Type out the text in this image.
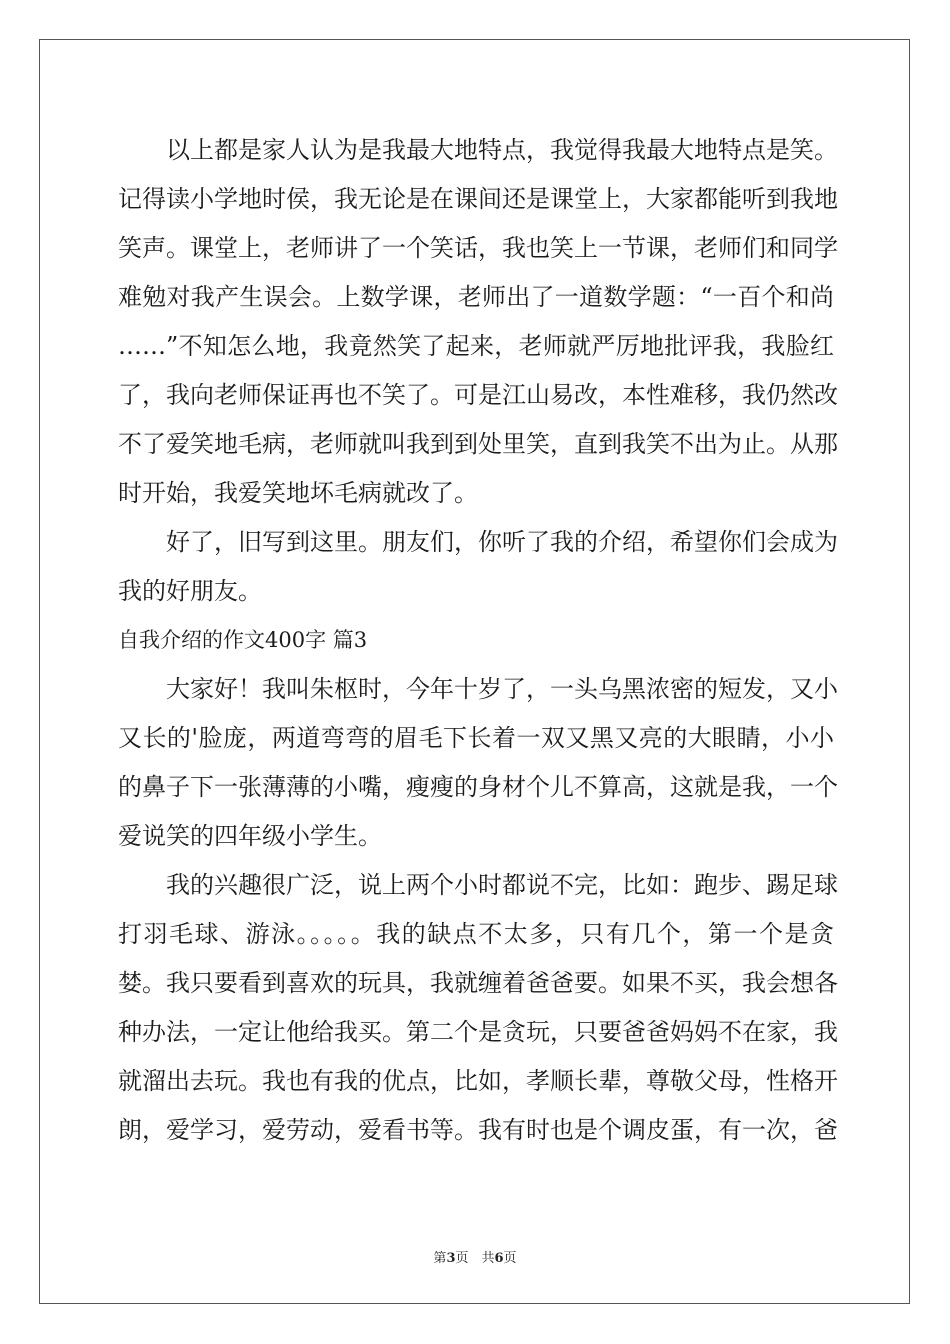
以上都是家人认为是我最大地特点，我觉得我最大地特点是笑。
记得读小学地时侯，我无论是在课间还是课堂上，大家都能听到我地
笑声。课堂上，老师讲了一个笑话，我也笑上一节课，老师们和同学
难勉对我产生误会。上数学课，老师出了一道数学题：“一百个和尚
……”不知怎么地，我竟然笑了起来，老师就严厉地批评我，我脸红
了，我向老师保证再也不笑了。可是江山易改，本性难移，我仍然改
不了爱笑地毛病，老师就叫我到到处里笑，直到我笑不出为止。从那
时开始，我爱笑地坏毛病就改了。
好了，旧写到这里。朋友们，你听了我的介绍，希望你们会成为
我的好朋友。
自我介绍的作文400字 篇3
大家好！我叫朱枢时，今年十岁了，一头乌黑浓密的短发，又小
又长的'脸庞，两道弯弯的眉毛下长着一双又黑又亮的大眼睛，小小
的鼻子下一张薄薄的小嘴，瘦瘦的身材个儿不算高，这就是我，一个
爱说笑的四年级小学生。
我的兴趣很广泛，说上两个小时都说不完，比如：跑步、踢足球
打羽毛球、游泳。。。。。我的缺点不太多，只有几个，第一个是贪
婪。我只要看到喜欢的玩具，我就缠着爸爸要。如果不买，我会想各
种办法，一定让他给我买。第二个是贪玩，只要爸爸妈妈不在家，我
就溜出去玩。我也有我的优点，比如，孝顺长辈，尊敬父母，性格开
朗，爱学习，爱劳动，爱看书等。我有时也是个调皮蛋，有一次，爸
第3页　共6页
